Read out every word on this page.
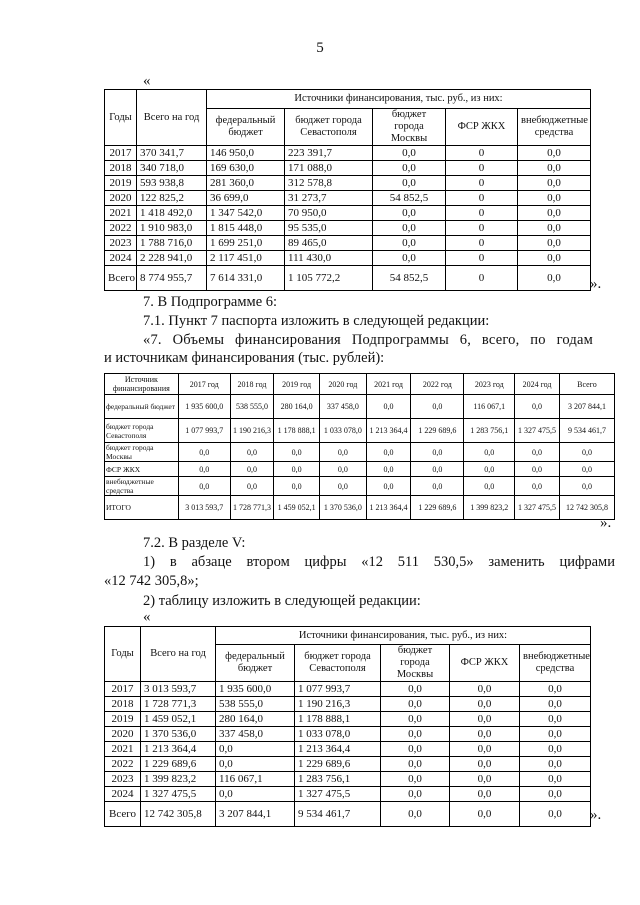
5
«
Годы	Всего на год	Источники финансирования, тыс. руб., из них:				
		федеральный бюджет	бюджет города Севастополя	бюджет города Москвы	ФСР ЖКХ	внебюджетные средства
2017	370 341,7	146 950,0	223 391,7	0,0	0	0,0
2018	340 718,0	169 630,0	171 088,0	0,0	0	0,0
2019	593 938,8	281 360,0	312 578,8	0,0	0	0,0
2020	122 825,2	36 699,0	31 273,7	54 852,5	0	0,0
2021	1 418 492,0	1 347 542,0	70 950,0	0,0	0	0,0
2022	1 910 983,0	1 815 448,0	95 535,0	0,0	0	0,0
2023	1 788 716,0	1 699 251,0	89 465,0	0,0	0	0,0
2024	2 228 941,0	2 117 451,0	111 430,0	0,0	0	0,0
Всего	8 774 955,7	7 614 331,0	1 105 772,2	54 852,5	0	0,0 ».
7. В Подпрограмме 6:
7.1. Пункт 7 паспорта изложить в следующей редакции:
«7. Объемы финансирования Подпрограммы 6, всего, по годам
и источникам финансирования (тыс. рублей):
Источник финансирования	2017 год	2018 год	2019 год	2020 год	2021 год	2022 год	2023 год	2024 год	Всего
федеральный бюджет	1 935 600,0	538 555,0	280 164,0	337 458,0	0,0	0,0	116 067,1	0,0	3 207 844,1
бюджет города Севастополя	1 077 993,7	1 190 216,3	1 178 888,1	1 033 078,0	1 213 364,4	1 229 689,6	1 283 756,1	1 327 475,5	9 534 461,7
бюджет города Москвы	0,0	0,0	0,0	0,0	0,0	0,0	0,0	0,0	0,0
ФСР ЖКХ	0,0	0,0	0,0	0,0	0,0	0,0	0,0	0,0	0,0
внебюджетные средства	0,0	0,0	0,0	0,0	0,0	0,0	0,0	0,0	0,0
ИТОГО	3 013 593,7	1 728 771,3	1 459 052,1	1 370 536,0	1 213 364,4	1 229 689,6	1 399 823,2	1 327 475,5	12 742 305,8
».
7.2. В разделе V:
1) в абзаце втором цифры «12 511 530,5» заменить цифрами
«12 742 305,8»;
2) таблицу изложить в следующей редакции:
«
Годы	Всего на год	Источники финансирования, тыс. руб., из них:				
		федеральный бюджет	бюджет города Севастополя	бюджет города Москвы	ФСР ЖКХ	внебюджетные средства
2017	3 013 593,7	1 935 600,0	1 077 993,7	0,0	0,0	0,0
2018	1 728 771,3	538 555,0	1 190 216,3	0,0	0,0	0,0
2019	1 459 052,1	280 164,0	1 178 888,1	0,0	0,0	0,0
2020	1 370 536,0	337 458,0	1 033 078,0	0,0	0,0	0,0
2021	1 213 364,4	0,0	1 213 364,4	0,0	0,0	0,0
2022	1 229 689,6	0,0	1 229 689,6	0,0	0,0	0,0
2023	1 399 823,2	116 067,1	1 283 756,1	0,0	0,0	0,0
2024	1 327 475,5	0,0	1 327 475,5	0,0	0,0	0,0
Всего	12 742 305,8	3 207 844,1	9 534 461,7	0,0	0,0	0,0 ».
